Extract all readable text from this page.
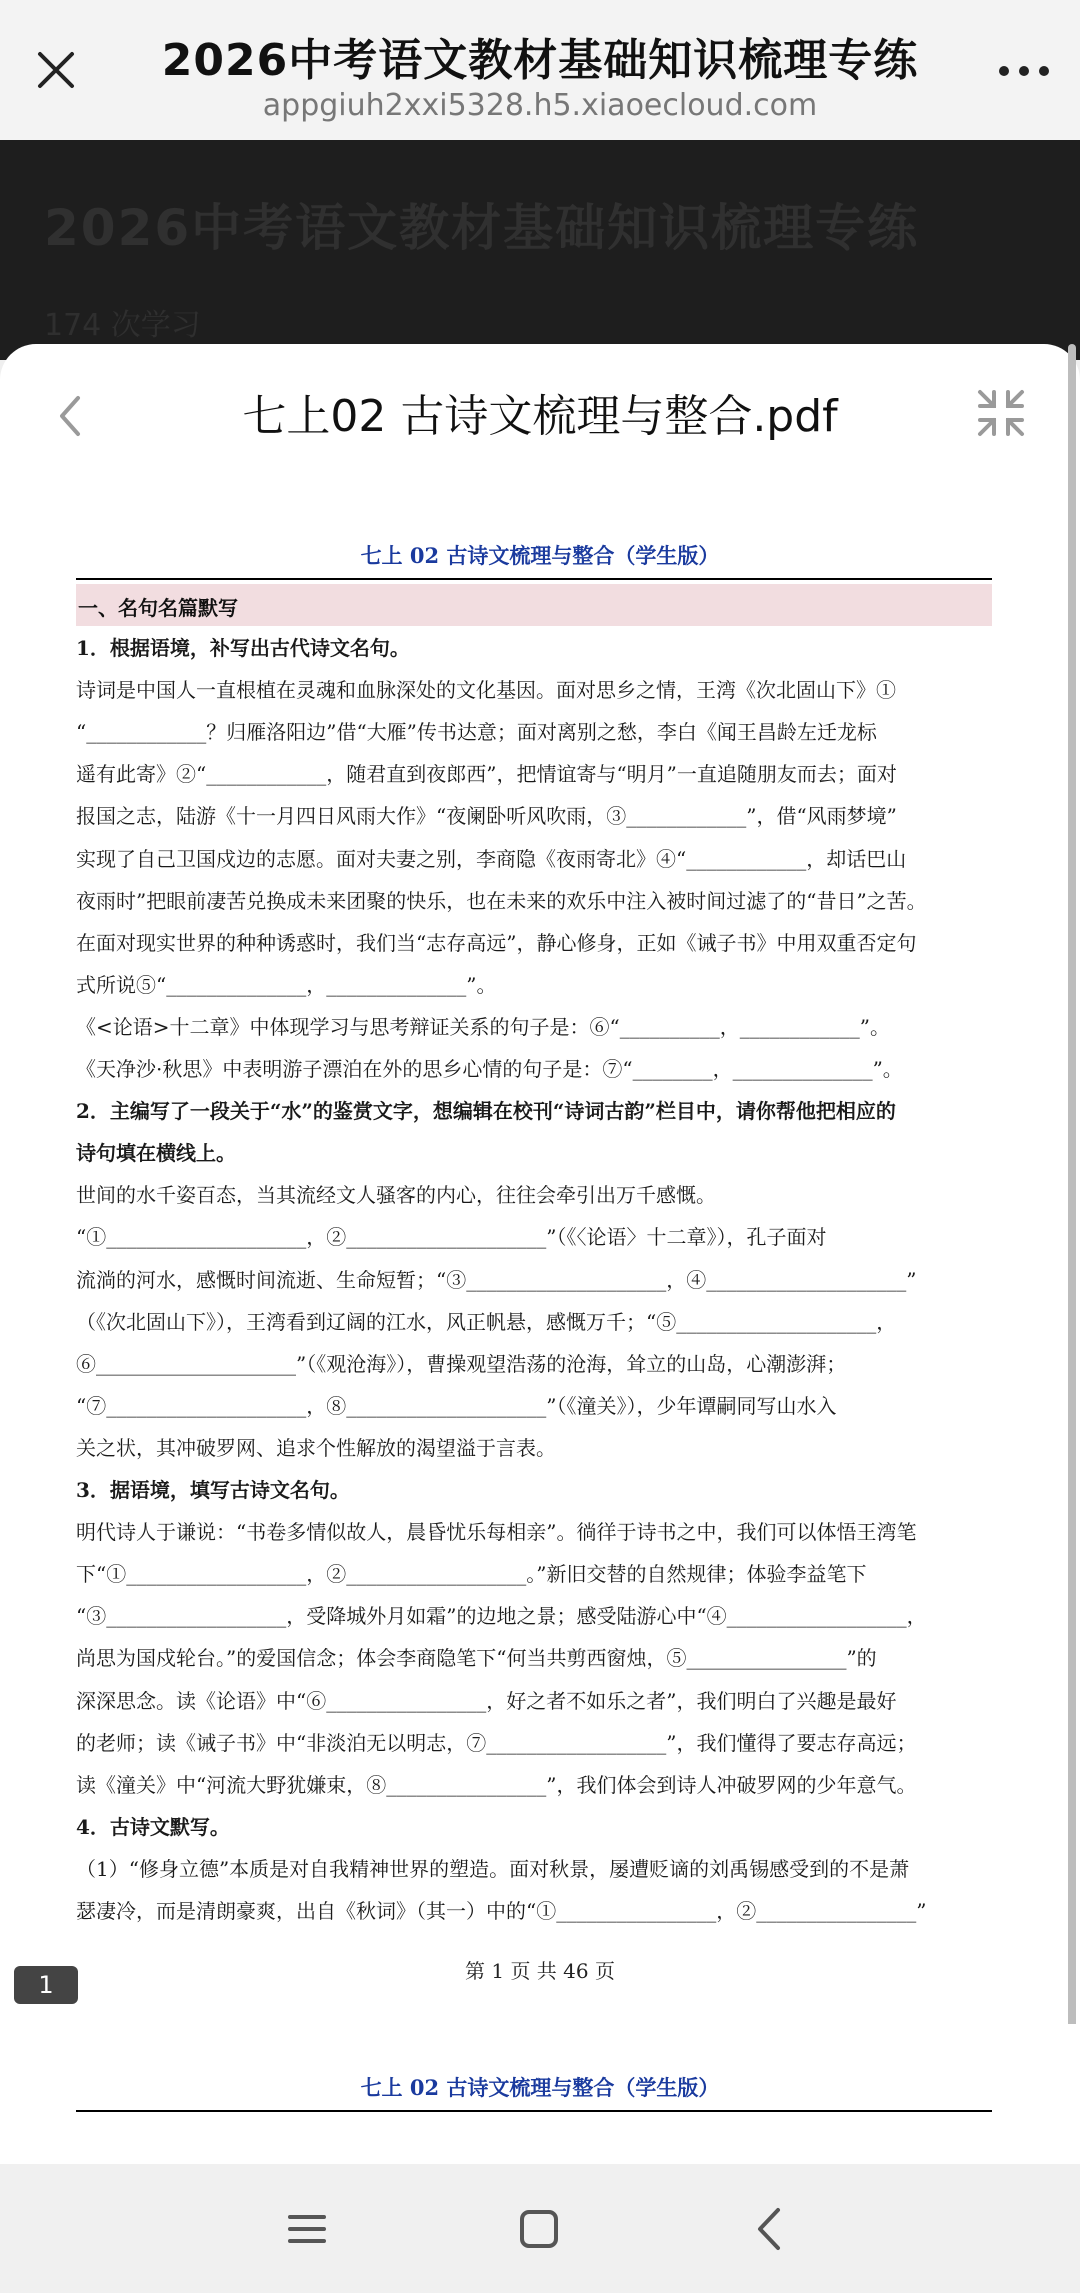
2026中考语文教材基础知识梳理专练
appgiuh2xxi5328.h5.xiaoecloud.com
2026中考语文教材基础知识梳理专练
174 次学习
七上02 古诗文梳理与整合.pdf
七上 02 古诗文梳理与整合（学生版）
一、名句名篇默写
1．根据语境，补写出古代诗文名句。
诗词是中国人一直根植在灵魂和血脉深处的文化基因。面对思乡之情，王湾《次北固山下》①
“____________？归雁洛阳边”借“大雁”传书达意；面对离别之愁，李白《闻王昌龄左迁龙标
遥有此寄》②“____________，随君直到夜郎西”，把情谊寄与“明月”一直追随朋友而去；面对
报国之志，陆游《十一月四日风雨大作》“夜阑卧听风吹雨，③____________”，借“风雨梦境”
实现了自己卫国戍边的志愿。面对夫妻之别，李商隐《夜雨寄北》④“____________，却话巴山
夜雨时”把眼前凄苦兑换成未来团聚的快乐，也在未来的欢乐中注入被时间过滤了的“昔日”之苦。
在面对现实世界的种种诱惑时，我们当“志存高远”，静心修身，正如《诫子书》中用双重否定句
式所说⑤“______________，______________”。
《<论语>十二章》中体现学习与思考辩证关系的句子是：⑥“__________，____________”。
《天净沙·秋思》中表明游子漂泊在外的思乡心情的句子是：⑦“________，______________”。
2．主编写了一段关于“水”的鉴赏文字，想编辑在校刊“诗词古韵”栏目中，请你帮他把相应的
诗句填在横线上。
世间的水千姿百态，当其流经文人骚客的内心，往往会牵引出万千感慨。
“①____________________，②____________________”（《〈论语〉十二章》），孔子面对
流淌的河水，感慨时间流逝、生命短暂；“③____________________，④____________________”
（《次北固山下》），王湾看到辽阔的江水，风正帆悬，感慨万千；“⑤____________________，
⑥____________________”（《观沧海》），曹操观望浩荡的沧海，耸立的山岛，心潮澎湃；
“⑦____________________，⑧____________________”（《潼关》），少年谭嗣同写山水入
关之状，其冲破罗网、追求个性解放的渴望溢于言表。
3．据语境，填写古诗文名句。
明代诗人于谦说：“书卷多情似故人，晨昏忧乐每相亲”。徜徉于诗书之中，我们可以体悟王湾笔
下“①__________________，②__________________。”新旧交替的自然规律；体验李益笔下
“③__________________，受降城外月如霜”的边地之景；感受陆游心中“④__________________，
尚思为国戍轮台。”的爱国信念；体会李商隐笔下“何当共剪西窗烛，⑤________________”的
深深思念。读《论语》中“⑥________________，好之者不如乐之者”，我们明白了兴趣是最好
的老师；读《诫子书》中“非淡泊无以明志，⑦__________________”，我们懂得了要志存高远；
读《潼关》中“河流大野犹嫌束，⑧________________”，我们体会到诗人冲破罗网的少年意气。
4．古诗文默写。
（1）“修身立德”本质是对自我精神世界的塑造。面对秋景，屡遭贬谪的刘禹锡感受到的不是萧
瑟凄冷，而是清朗豪爽，出自《秋词》（其一）中的“①________________，②________________”
第 1 页 共 46 页
1
七上 02 古诗文梳理与整合（学生版）
